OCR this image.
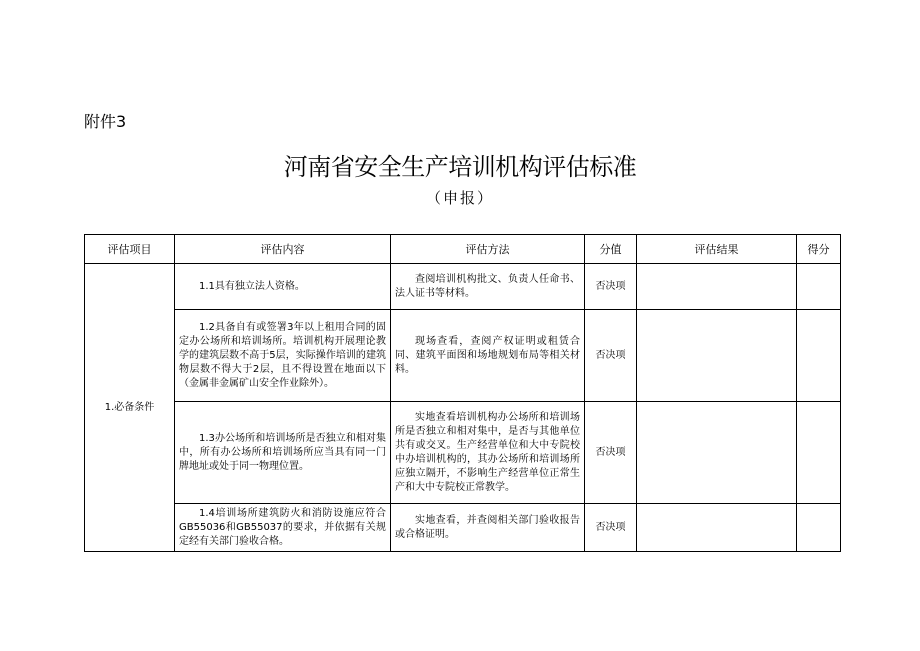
附件3
河南省安全生产培训机构评估标准
（申报）
评估项目	评估内容	评估方法	分值	评估结果	得分
1.必备条件	1.1具有独立法人资格。	查阅培训机构批文、负责人任命书、法人证书等材料。	否决项		
	1.2具备自有或签署3年以上租用合同的固定办公场所和培训场所。培训机构开展理论教学的建筑层数不高于5层，实际操作培训的建筑物层数不得大于2层，且不得设置在地面以下（金属非金属矿山安全作业除外）。	现场查看，查阅产权证明或租赁合同、建筑平面图和场地规划布局等相关材料。	否决项		
	1.3办公场所和培训场所是否独立和相对集中，所有办公场所和培训场所应当具有同一门牌地址或处于同一物理位置。	实地查看培训机构办公场所和培训场所是否独立和相对集中，是否与其他单位共有或交叉。生产经营单位和大中专院校中办培训机构的，其办公场所和培训场所应独立隔开，不影响生产经营单位正常生产和大中专院校正常教学。	否决项		
	1.4培训场所建筑防火和消防设施应符合GB55036和GB55037的要求，并依据有关规定经有关部门验收合格。	实地查看，并查阅相关部门验收报告或合格证明。	否决项		
